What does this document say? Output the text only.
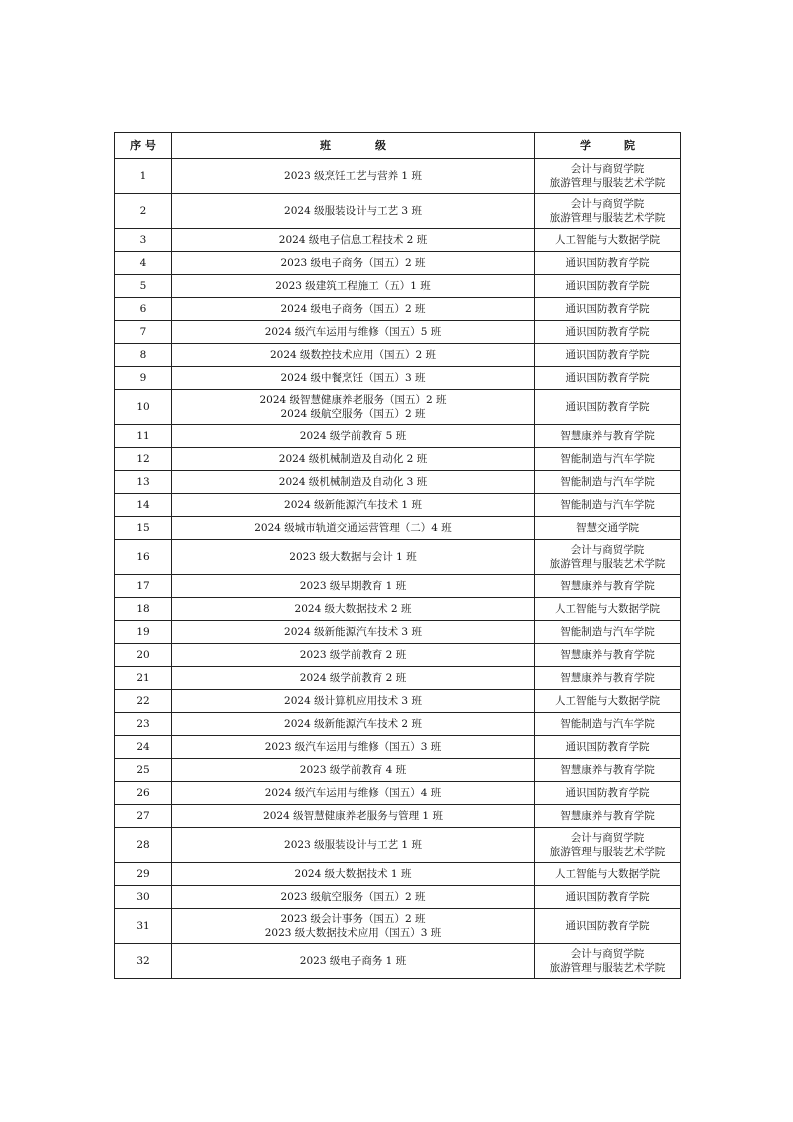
序 号	班　　　　级	学　　　院
1	2023 级烹饪工艺与营养 1 班	会计与商贸学院
旅游管理与服装艺术学院

2	2024 级服装设计与工艺 3 班	会计与商贸学院
旅游管理与服装艺术学院

3	2024 级电子信息工程技术 2 班	人工智能与大数据学院

4	2023 级电子商务（国五）2 班	通识国防教育学院

5	2023 级建筑工程施工（五）1 班	通识国防教育学院

6	2024 级电子商务（国五）2 班	通识国防教育学院

7	2024 级汽车运用与维修（国五）5 班	通识国防教育学院

8	2024 级数控技术应用（国五）2 班	通识国防教育学院

9	2024 级中餐烹饪（国五）3 班	通识国防教育学院

10	2024 级智慧健康养老服务（国五）2 班
2024 级航空服务（国五）2 班	通识国防教育学院

11	2024 级学前教育 5 班	智慧康养与教育学院

12	2024 级机械制造及自动化 2 班	智能制造与汽车学院

13	2024 级机械制造及自动化 3 班	智能制造与汽车学院

14	2024 级新能源汽车技术 1 班	智能制造与汽车学院

15	2024 级城市轨道交通运营管理（二）4 班	智慧交通学院

16	2023 级大数据与会计 1 班	会计与商贸学院
旅游管理与服装艺术学院

17	2023 级早期教育 1 班	智慧康养与教育学院

18	2024 级大数据技术 2 班	人工智能与大数据学院

19	2024 级新能源汽车技术 3 班	智能制造与汽车学院

20	2023 级学前教育 2 班	智慧康养与教育学院

21	2024 级学前教育 2 班	智慧康养与教育学院

22	2024 级计算机应用技术 3 班	人工智能与大数据学院

23	2024 级新能源汽车技术 2 班	智能制造与汽车学院

24	2023 级汽车运用与维修（国五）3 班	通识国防教育学院

25	2023 级学前教育 4 班	智慧康养与教育学院

26	2024 级汽车运用与维修（国五）4 班	通识国防教育学院

27	2024 级智慧健康养老服务与管理 1 班	智慧康养与教育学院

28	2023 级服装设计与工艺 1 班	会计与商贸学院
旅游管理与服装艺术学院

29	2024 级大数据技术 1 班	人工智能与大数据学院

30	2023 级航空服务（国五）2 班	通识国防教育学院

31	2023 级会计事务（国五）2 班
2023 级大数据技术应用（国五）3 班	通识国防教育学院

32	2023 级电子商务 1 班	会计与商贸学院
旅游管理与服装艺术学院
